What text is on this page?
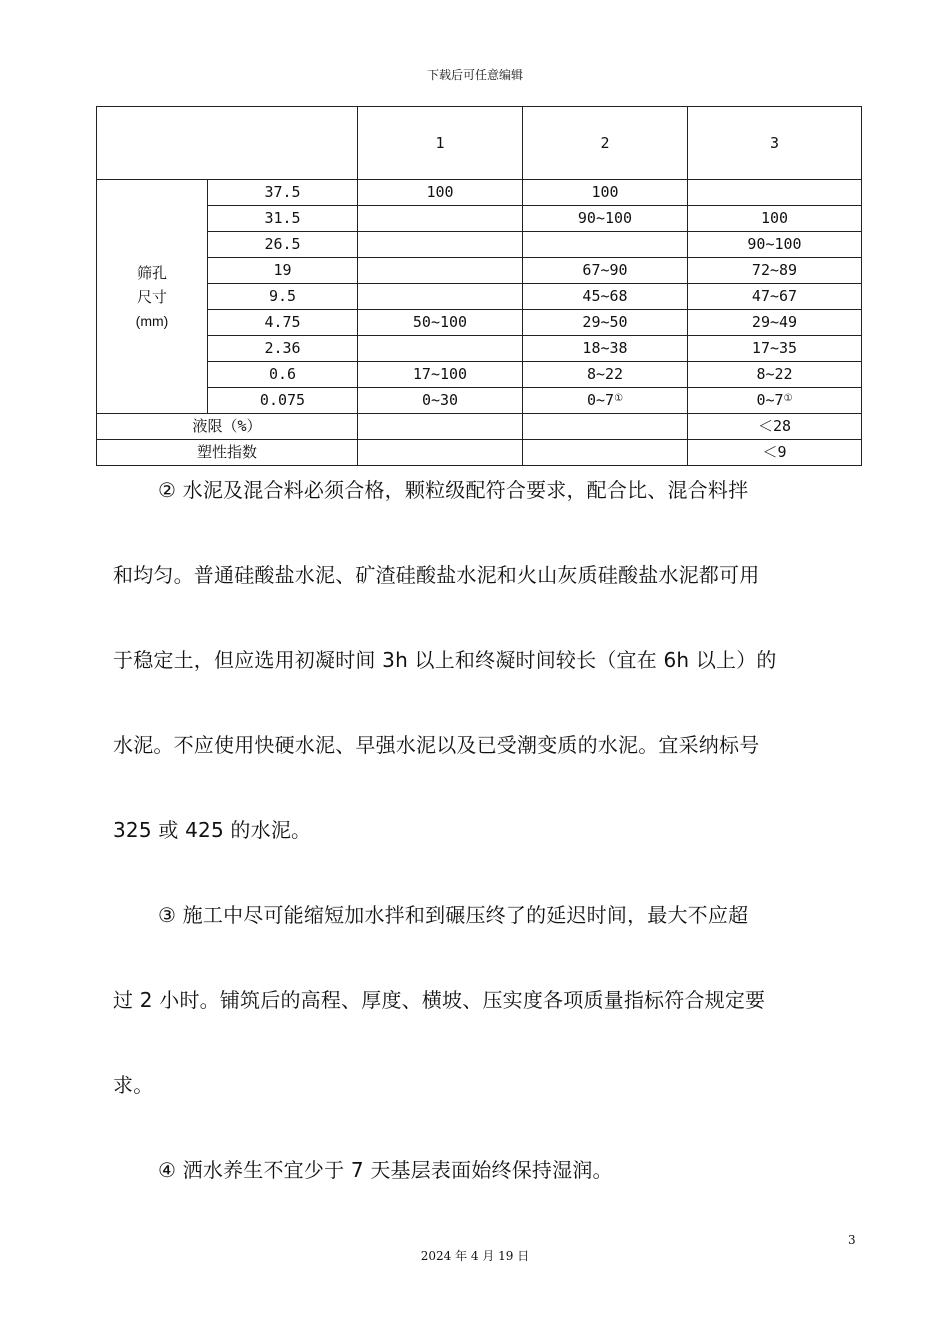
下载后可任意编辑
		1	2	3

筛孔
尺寸
(mm)	37.5	100	100	
	31.5		90~100	100
	26.5			90~100
	19		67~90	72~89
	9.5		45~68	47~67
	4.75	50~100	29~50	29~49
	2.36		18~38	17~35
	0.6	17~100	8~22	8~22
	0.075	0~30	0~7①	0~7①
液限（%）				＜28
塑性指数				＜9

② 水泥及混合料必须合格，颗粒级配符合要求，配合比、混合料拌

和均匀。普通硅酸盐水泥、矿渣硅酸盐水泥和火山灰质硅酸盐水泥都可用

于稳定土，但应选用初凝时间 3h 以上和终凝时间较长（宜在 6h 以上）的

水泥。不应使用快硬水泥、早强水泥以及已受潮变质的水泥。宜采纳标号

325 或 425 的水泥。

③ 施工中尽可能缩短加水拌和到碾压终了的延迟时间，最大不应超

过 2 小时。铺筑后的高程、厚度、横坡、压实度各项质量指标符合规定要

求。

④ 洒水养生不宜少于 7 天基层表面始终保持湿润。

3
2024 年 4 月 19 日
